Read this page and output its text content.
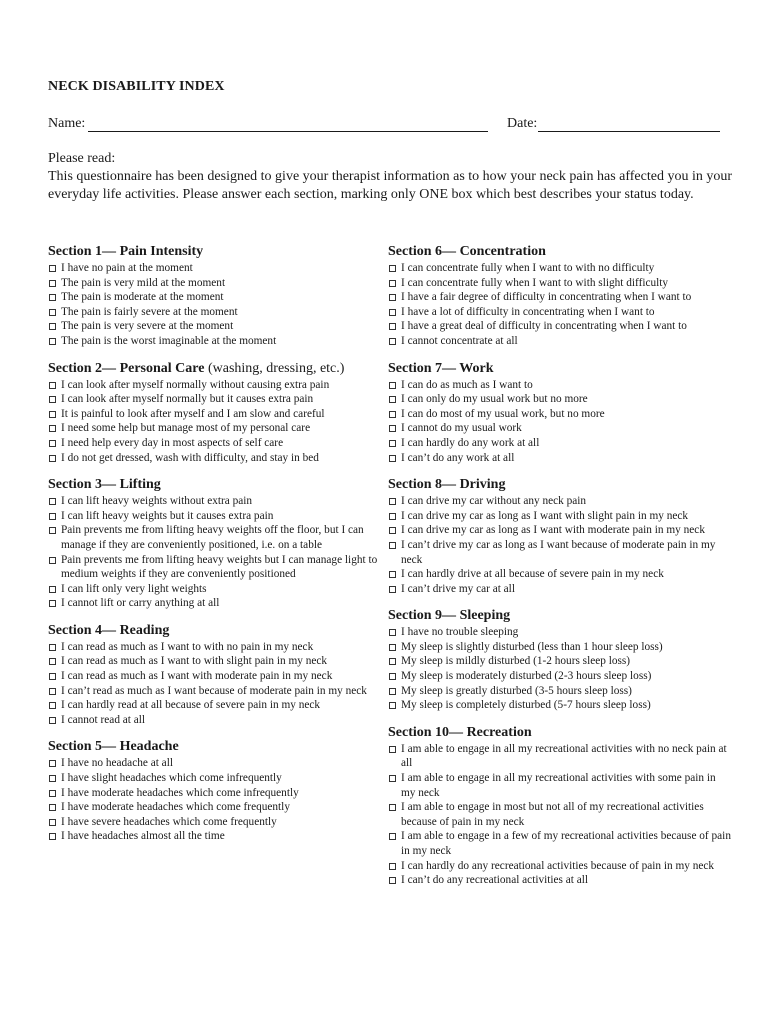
NECK DISABILITY INDEX
Name:	Date:

Please read:

This questionnaire has been designed to give your therapist information as to how your neck pain has affected you in your everyday life activities. Please answer each section, marking only ONE box which best describes your status today.

Section 1— Pain Intensity
I have no pain at the moment
The pain is very mild at the moment
The pain is moderate at the moment
The pain is fairly severe at the moment
The pain is very severe at the moment
The pain is the worst imaginable at the moment
Section 2— Personal Care (washing, dressing, etc.)
I can look after myself normally without causing extra pain
I can look after myself normally but it causes extra pain
It is painful to look after myself and I am slow and careful
I need some help but manage most of my personal care
I need help every day in most aspects of self care
I do not get dressed, wash with difficulty, and stay in bed
Section 3— Lifting
I can lift heavy weights without extra pain
I can lift heavy weights but it causes extra pain
Pain prevents me from lifting heavy weights off the floor, but I can manage if they are conveniently positioned, i.e. on a table
Pain prevents me from lifting heavy weights but I can manage light to medium weights if they are conveniently positioned
I can lift only very light weights
I cannot lift or carry anything at all
Section 4— Reading
I can read as much as I want to with no pain in my neck
I can read as much as I want to with slight pain in my neck
I can read as much as I want with moderate pain in my neck
I can’t read as much as I want because of moderate pain in my neck
I can hardly read at all because of severe pain in my neck
I cannot read at all
Section 5— Headache
I have no headache at all
I have slight headaches which come infrequently
I have moderate headaches which come infrequently
I have moderate headaches which come frequently
I have severe headaches which come frequently
I have headaches almost all the time
Section 6— Concentration
I can concentrate fully when I want to with no difficulty
I can concentrate fully when I want to with slight difficulty
I have a fair degree of difficulty in concentrating when I want to
I have a lot of difficulty in concentrating when I want to
I have a great deal of difficulty in concentrating when I want to
I cannot concentrate at all
Section 7— Work
I can do as much as I want to
I can only do my usual work but no more
I can do most of my usual work, but no more
I cannot do my usual work
I can hardly do any work at all
I can’t do any work at all
Section 8— Driving
I can drive my car without any neck pain
I can drive my car as long as I want with slight pain in my neck
I can drive my car as long as I want with moderate pain in my neck
I can’t drive my car as long as I want because of moderate pain in my neck
I can hardly drive at all because of severe pain in my neck
I can’t drive my car at all
Section 9— Sleeping
I have no trouble sleeping
My sleep is slightly disturbed (less than 1 hour sleep loss)
My sleep is mildly disturbed (1-2 hours sleep loss)
My sleep is moderately disturbed (2-3 hours sleep loss)
My sleep is greatly disturbed (3-5 hours sleep loss)
My sleep is completely disturbed (5-7 hours sleep loss)
Section 10— Recreation
I am able to engage in all my recreational activities with no neck pain at all
I am able to engage in all my recreational activities with some pain in my neck
I am able to engage in most but not all of my recreational activities because of pain in my neck
I am able to engage in a few of my recreational activities because of pain in my neck
I can hardly do any recreational activities because of pain in my neck
I can’t do any recreational activities at all
